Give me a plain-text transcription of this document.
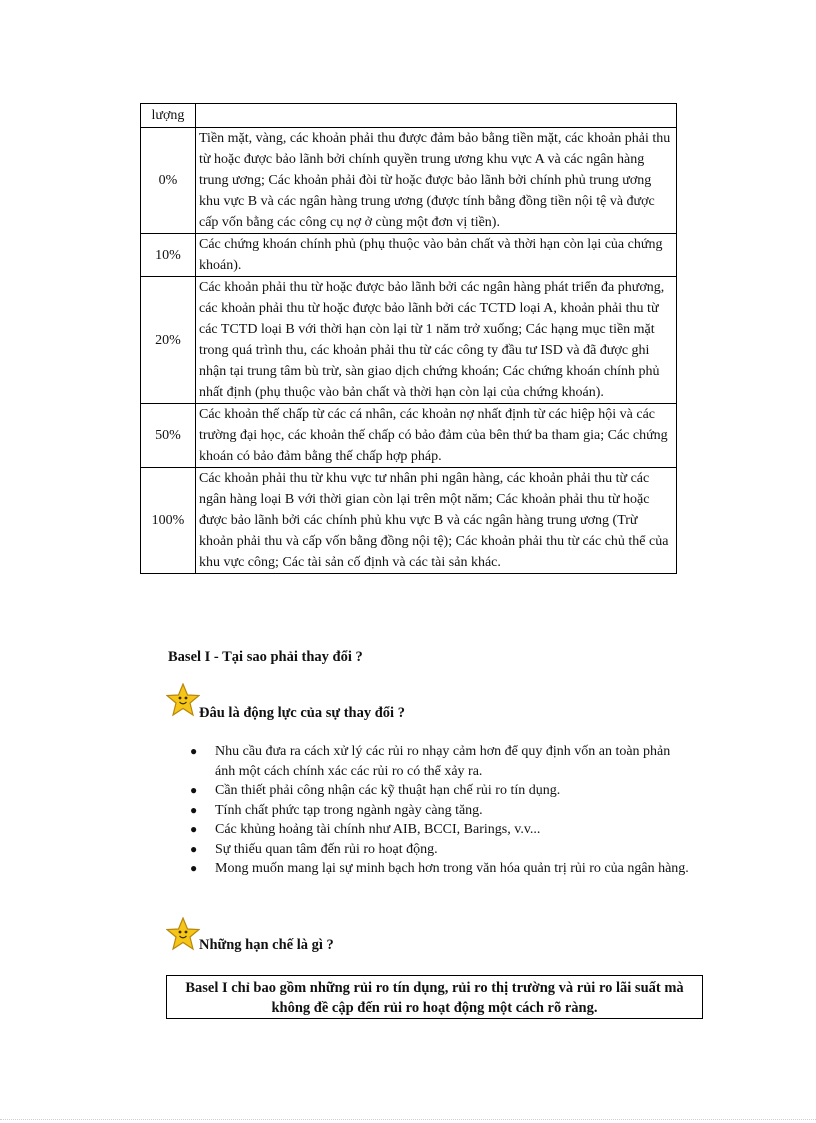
lượng	
0%	Tiền mặt, vàng, các khoản phải thu được đảm bảo bằng tiền mặt, các khoản phải thu từ hoặc được bảo lãnh bởi chính quyền trung ương khu vực A và các ngân hàng trung ương; Các khoản phải đòi từ hoặc được bảo lãnh bởi chính phủ trung ương khu vực B và các ngân hàng trung ương (được tính bằng đồng tiền nội tệ và được cấp vốn bằng các công cụ nợ ở cùng một đơn vị tiền).
10%	Các chứng khoán chính phủ (phụ thuộc vào bản chất và thời hạn còn lại của chứng khoán).
20%	Các khoản phải thu từ hoặc được bảo lãnh bởi các ngân hàng phát triển đa phương, các khoản phải thu từ hoặc được bảo lãnh bởi các TCTD loại A, khoản phải thu từ các TCTD loại B với thời hạn còn lại từ 1 năm trở xuống; Các hạng mục tiền mặt trong quá trình thu, các khoản phải thu từ các công ty đầu tư ISD và đã được ghi nhận tại trung tâm bù trừ, sàn giao dịch chứng khoán; Các chứng khoán chính phủ nhất định (phụ thuộc vào bản chất và thời hạn còn lại của chứng khoán).
50%	Các khoản thế chấp từ các cá nhân, các khoản nợ nhất định từ các hiệp hội và các trường đại học, các khoản thế chấp có bảo đảm của bên thứ ba tham gia; Các chứng khoán có bảo đảm bằng thế chấp hợp pháp.
100%	Các khoản phải thu từ khu vực tư nhân phi ngân hàng, các khoản phải thu từ các ngân hàng loại B với thời gian còn lại trên một năm; Các khoản phải thu từ hoặc được bảo lãnh bởi các chính phủ khu vực B và các ngân hàng trung ương (Trừ khoản phải thu và cấp vốn bằng đồng nội tệ); Các khoản phải thu từ các chủ thể của khu vực công; Các tài sản cố định và các tài sản khác.
Basel I - Tại sao phải thay đổi ?
Đâu là động lực của sự thay đổi ?
● Nhu cầu đưa ra cách xử lý các rủi ro nhạy cảm hơn để quy định vốn an toàn phản ánh một cách chính xác các rủi ro có thể xảy ra.
● Cần thiết phải công nhận các kỹ thuật hạn chế rủi ro tín dụng.
● Tính chất phức tạp trong ngành ngày càng tăng.
● Các khủng hoảng tài chính như AIB, BCCI, Barings, v.v...
● Sự thiếu quan tâm đến rủi ro hoạt động.
● Mong muốn mang lại sự minh bạch hơn trong văn hóa quản trị rủi ro của ngân hàng.
Những hạn chế là gì ?
Basel I chỉ bao gồm những rủi ro tín dụng, rủi ro thị trường và rủi ro lãi suất mà không đề cập đến rủi ro hoạt động một cách rõ ràng.
